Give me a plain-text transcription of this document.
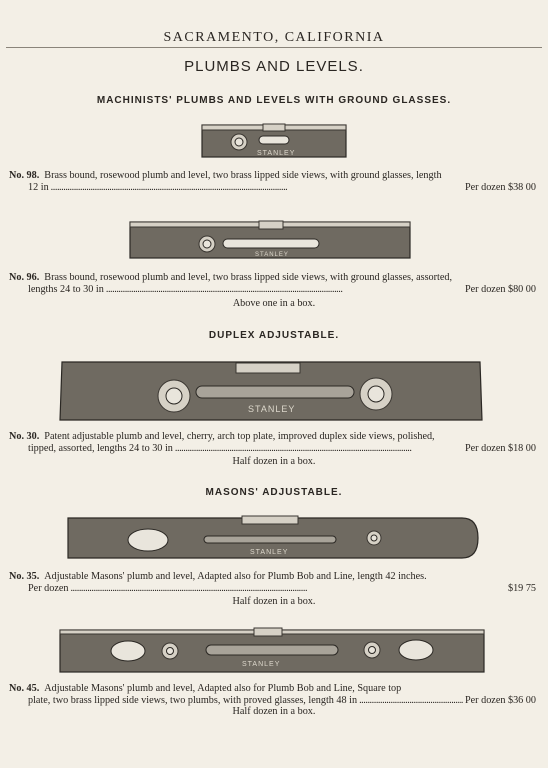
SACRAMENTO, CALIFORNIA
PLUMBS AND LEVELS.
MACHINISTS' PLUMBS AND LEVELS WITH GROUND GLASSES.
STANLEY
No. 98. Brass bound, rosewood plumb and level, two brass lipped side views, with ground glasses, length
12 in . . .	Per dozen $38 00
STANLEY
No. 96. Brass bound, rosewood plumb and level, two brass lipped side views, with ground glasses, assorted,
lengths 24 to 30 in . . .	Per dozen $80 00
Above one in a box.
DUPLEX ADJUSTABLE.
STANLEY
No. 30. Patent adjustable plumb and level, cherry, arch top plate, improved duplex side views, polished,
tipped, assorted, lengths 24 to 30 in . . .	Per dozen $18 00
Half dozen in a box.
MASONS' ADJUSTABLE.
STANLEY
No. 35. Adjustable Masons' plumb and level, Adapted also for Plumb Bob and Line, length 42 inches.
Per dozen . . .	$19 75
Half dozen in a box.
STANLEY
No. 45. Adjustable Masons' plumb and level, Adapted also for Plumb Bob and Line, Square top
plate, two brass lipped side views, two plumbs, with proved glasses, length 48 in . . .	Per dozen $36 00
Half dozen in a box.
